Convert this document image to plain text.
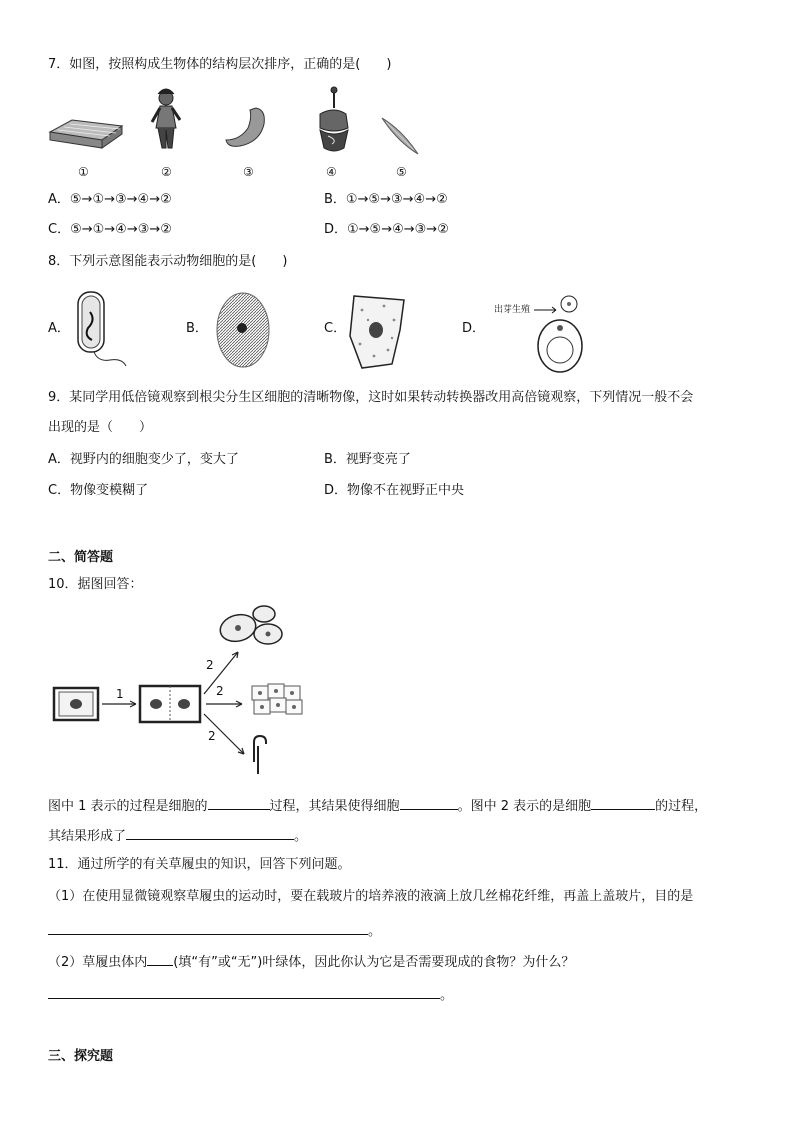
7．如图，按照构成生物体的结构层次排序，正确的是(　　)
①	②	③	④	⑤
A．⑤→①→③→④→②	B．①→⑤→③→④→②
C．⑤→①→④→③→②	D．①→⑤→④→③→②
8．下列示意图能表示动物细胞的是(　　)
A．	B．	C．	D．
出芽生殖
9．某同学用低倍镜观察到根尖分生区细胞的清晰物像，这时如果转动转换器改用高倍镜观察，下列情况一般不会
出现的是（　　）
A．视野内的细胞变少了，变大了	B．视野变亮了
C．物像变模糊了	D．物像不在视野正中央
二、简答题
10．据图回答：
1
2
2
2
图中 1 表示的过程是细胞的	过程，其结果使得细胞	。图中 2 表示的是细胞	的过程，
其结果形成了	。
11．通过所学的有关草履虫的知识，回答下列问题。
（1）在使用显微镜观察草履虫的运动时，要在载玻片的培养液的液滴上放几丝棉花纤维，再盖上盖玻片，目的是
。
（2）草履虫体内 (填“有”或“无”)叶绿体，因此你认为它是否需要现成的食物？为什么？
。
三、探究题
